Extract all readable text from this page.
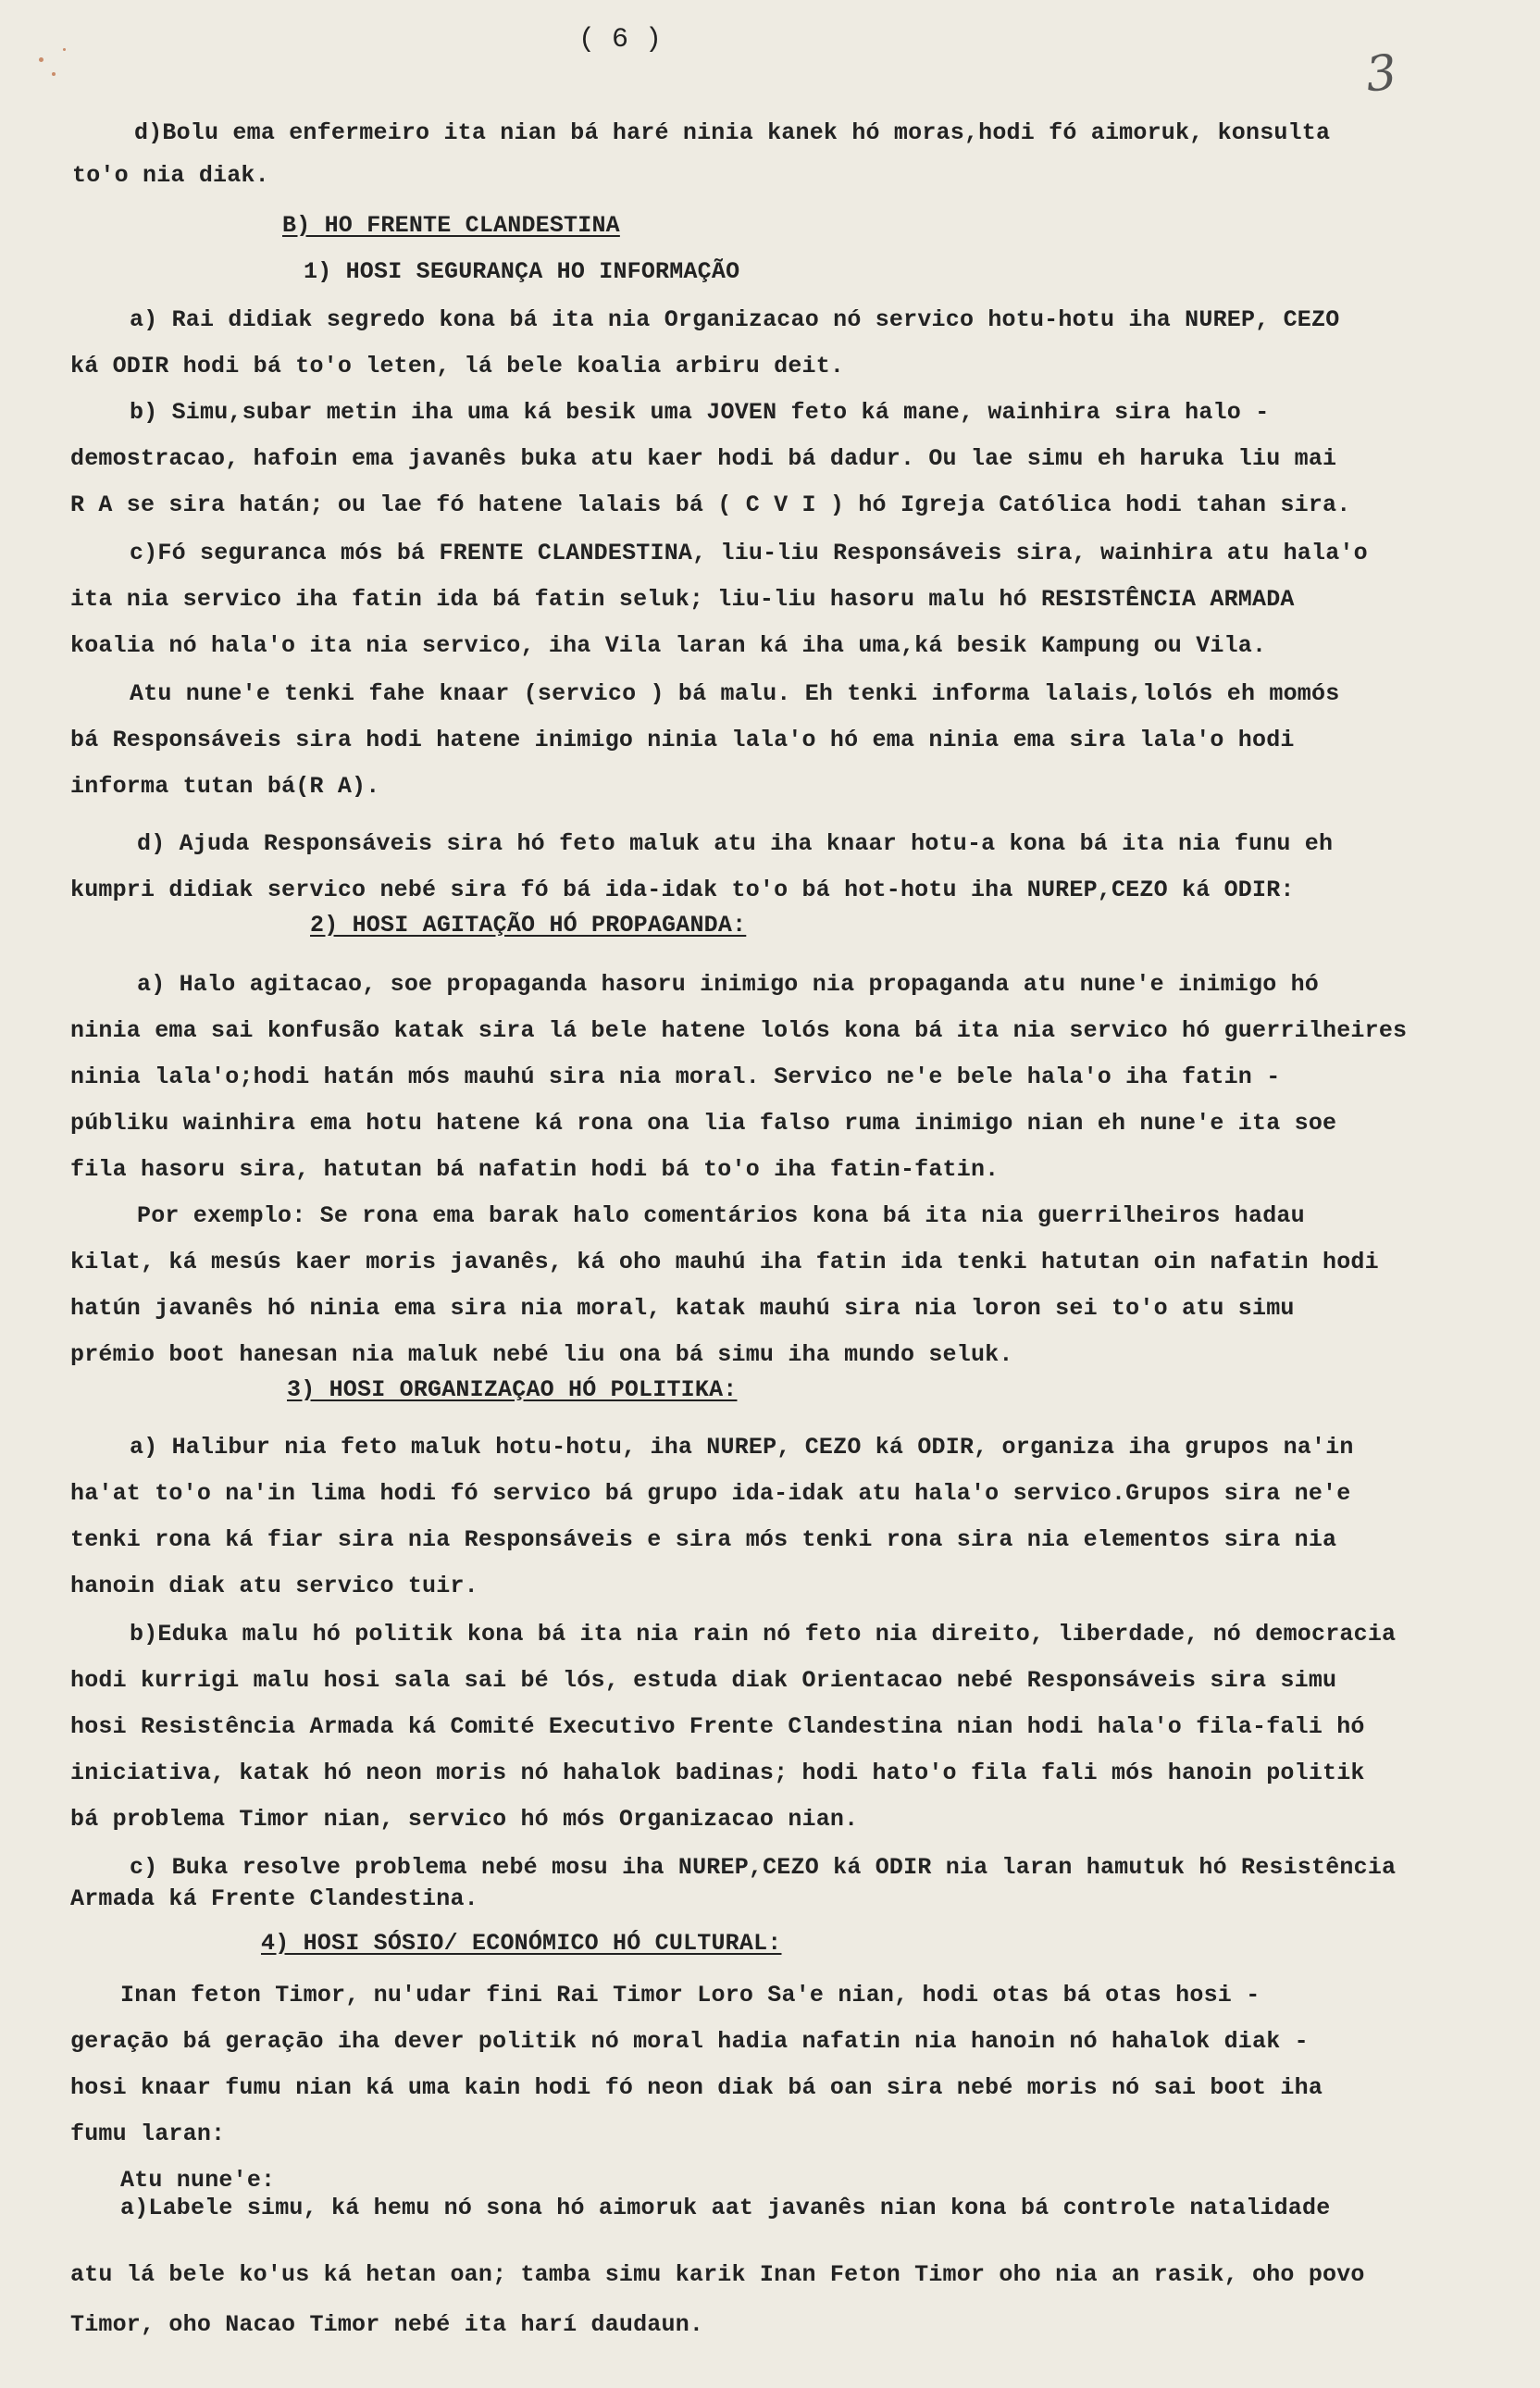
( 6 )
3
d)Bolu ema enfermeiro ita nian bá haré ninia kanek hó moras,hodi fó aimoruk, konsulta
to'o nia diak.
B) HO FRENTE CLANDESTINA
1) HOSI SEGURANÇA HO INFORMAÇÃO
a) Rai didiak segredo kona bá ita nia Organizacao nó servico hotu-hotu iha NUREP, CEZO
ká ODIR hodi bá to'o leten, lá bele koalia arbiru deit.
b) Simu,subar metin iha uma ká besik uma JOVEN feto ká mane, wainhira sira halo -
demostracao, hafoin ema javanês buka atu kaer hodi bá dadur. Ou lae simu eh haruka liu mai
R A se sira hatán; ou lae fó hatene lalais bá ( C V I ) hó Igreja Católica hodi tahan sira.
c)Fó seguranca mós bá FRENTE CLANDESTINA, liu-liu Responsáveis sira, wainhira atu hala'o
ita nia servico iha fatin ida bá fatin seluk; liu-liu hasoru malu hó RESISTÊNCIA ARMADA
koalia nó hala'o ita nia servico, iha Vila laran ká iha uma,ká besik Kampung ou Vila.
Atu nune'e tenki fahe knaar (servico ) bá malu. Eh tenki informa lalais,lolós eh momós
bá Responsáveis sira hodi hatene inimigo ninia lala'o hó ema ninia ema sira lala'o hodi
informa tutan bá(R A).
d) Ajuda Responsáveis sira hó feto maluk atu iha knaar hotu-a kona bá ita nia funu eh
kumpri didiak servico nebé sira fó bá ida-idak to'o bá hot-hotu iha NUREP,CEZO ká ODIR:
2) HOSI AGITAÇÃO HÓ PROPAGANDA:
a) Halo agitacao, soe propaganda hasoru inimigo nia propaganda atu nune'e inimigo hó
ninia ema sai konfusão katak sira lá bele hatene lolós kona bá ita nia servico hó guerrilheires
ninia lala'o;hodi hatán mós mauhú sira nia moral. Servico ne'e bele hala'o iha fatin -
públiku wainhira ema hotu hatene ká rona ona lia falso ruma inimigo nian eh nune'e ita soe
fila hasoru sira, hatutan bá nafatin hodi bá to'o iha fatin-fatin.
Por exemplo: Se rona ema barak halo comentários kona bá ita nia guerrilheiros hadau
kilat, ká mesús kaer moris javanês, ká oho mauhú iha fatin ida tenki hatutan oin nafatin hodi
hatún javanês hó ninia ema sira nia moral, katak mauhú sira nia loron sei to'o atu simu
prémio boot hanesan nia maluk nebé liu ona bá simu iha mundo seluk.
3) HOSI ORGANIZAÇAO HÓ POLITIKA:
a) Halibur nia feto maluk hotu-hotu, iha NUREP, CEZO ká ODIR, organiza iha grupos na'in
ha'at to'o na'in lima hodi fó servico bá grupo ida-idak atu hala'o servico.Grupos sira ne'e
tenki rona ká fiar sira nia Responsáveis e sira mós tenki rona sira nia elementos sira nia
hanoin diak atu servico tuir.
b)Eduka malu hó politik kona bá ita nia rain nó feto nia direito, liberdade, nó democracia
hodi kurrigi malu hosi sala sai bé lós, estuda diak Orientacao nebé Responsáveis sira simu
hosi Resistência Armada ká Comité Executivo Frente Clandestina nian hodi hala'o fila-fali hó
iniciativa, katak hó neon moris nó hahalok badinas; hodi hato'o fila fali mós hanoin politik
bá problema Timor nian, servico hó mós Organizacao nian.
c) Buka resolve problema nebé mosu iha NUREP,CEZO ká ODIR nia laran hamutuk hó Resistência
Armada ká Frente Clandestina.
4) HOSI SÓSIO/ ECONÓMICO HÓ CULTURAL:
Inan feton Timor, nu'udar fini Rai Timor Loro Sa'e nian, hodi otas bá otas hosi -
geraçāo bá geraçāo iha dever politik nó moral hadia nafatin nia hanoin nó hahalok diak -
hosi knaar fumu nian ká uma kain hodi fó neon diak bá oan sira nebé moris nó sai boot iha
fumu laran:
Atu nune'e:
a)Labele simu, ká hemu nó sona hó aimoruk aat javanês nian kona bá controle natalidade
atu lá bele ko'us ká hetan oan; tamba simu karik Inan Feton Timor oho nia an rasik, oho povo
Timor, oho Nacao Timor nebé ita harí daudaun.
